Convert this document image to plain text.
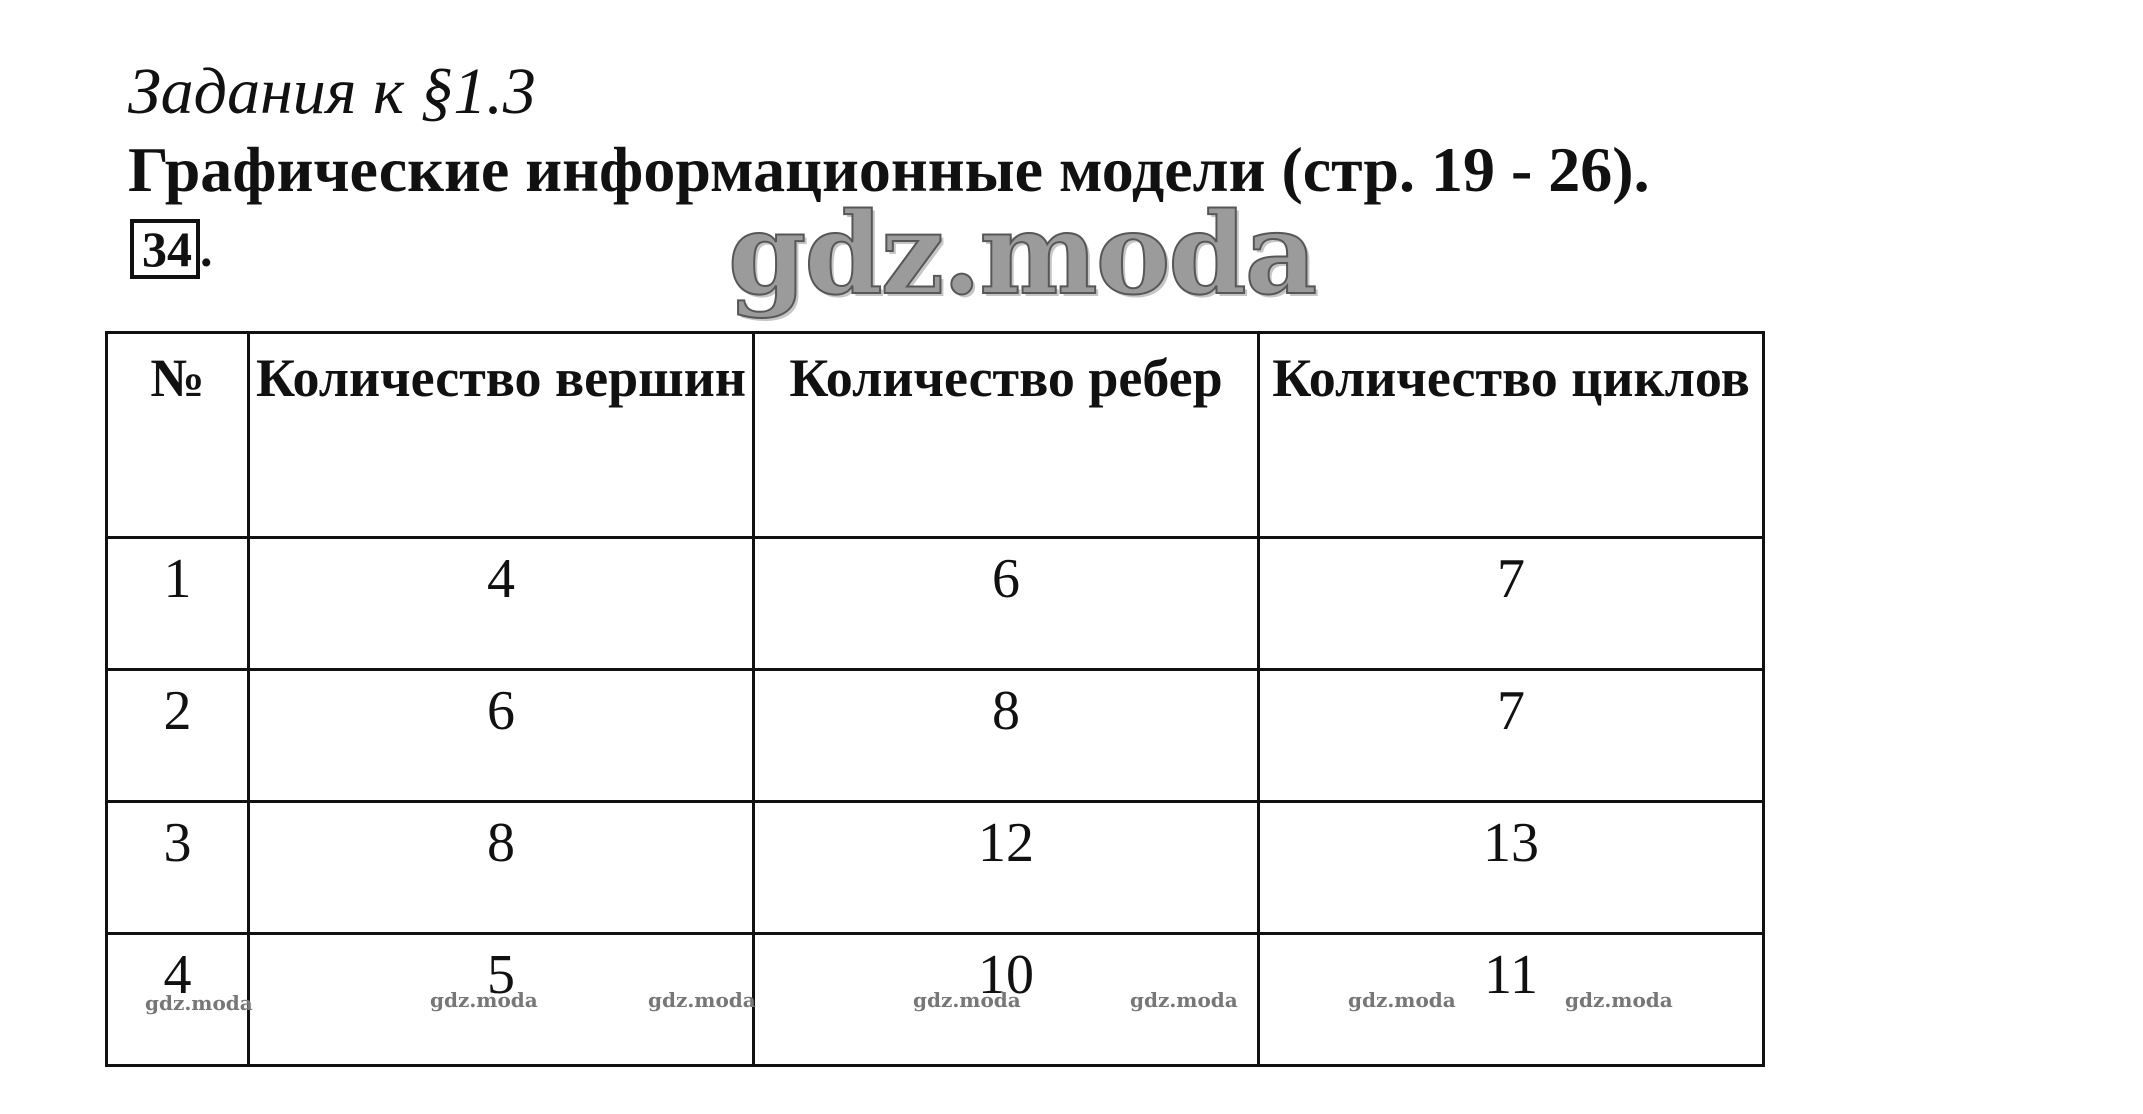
Задания к §1.3
Графические информационные модели (стр. 19 - 26).
34 .	gdz.moda
№	Количество вершин	Количество ребер	Количество циклов
1	4	6	7
2	6	8	7
3	8	12	13
4	5	10	11
gdz.moda	gdz.moda	gdz.moda	gdz.moda	gdz.moda	gdz.moda	gdz.moda
